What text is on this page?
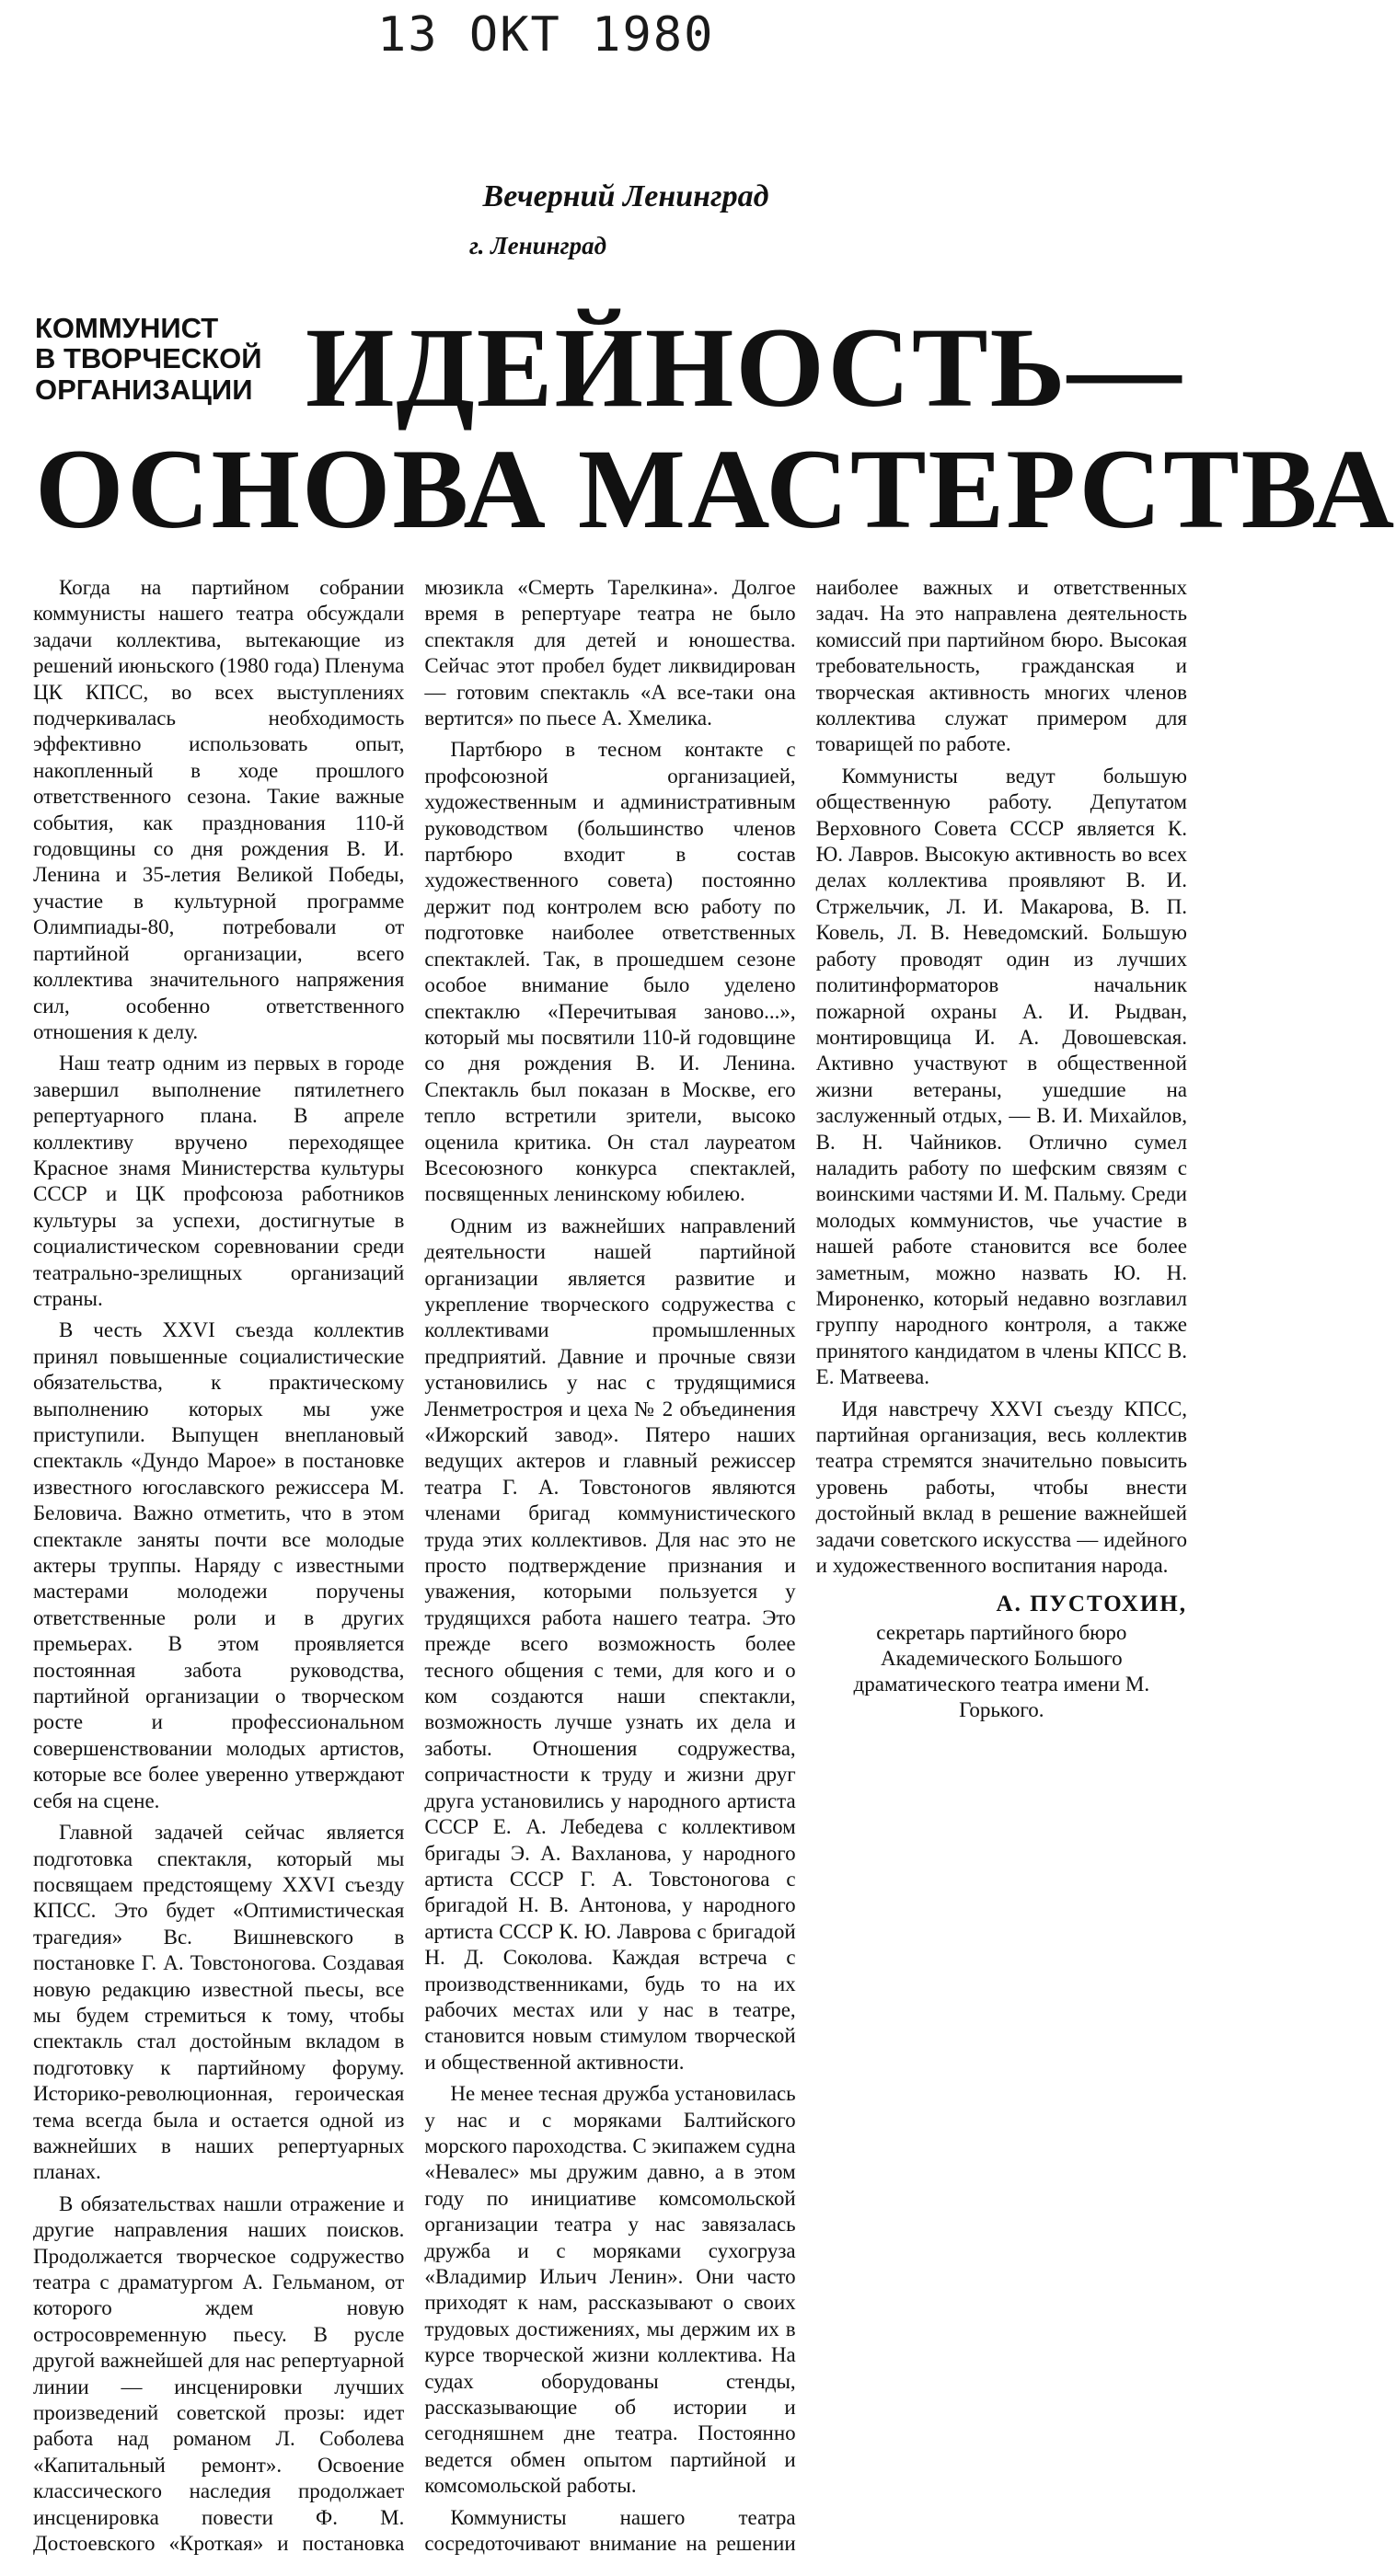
13 ОКТ 1980
Вечерний Ленинград
г. Ленинград
КОММУНИСТ
В ТВОРЧЕСКОЙ
ОРГАНИЗАЦИИ ИДЕЙНОСТЬ—
ОСНОВА МАСТЕРСТВА

Когда на партийном собрании коммунисты нашего театра обсуждали задачи коллектива, вытекающие из решений июньского (1980 года) Пленума ЦК КПСС, во всех выступлениях подчеркивалась необходимость эффективно использовать опыт, накопленный в ходе прошлого ответственного сезона. Такие важные события, как празднования 110-й годовщины со дня рождения В. И. Ленина и 35-летия Великой Победы, участие в культурной программе Олимпиады-80, потребовали от партийной организации, всего коллектива значительного напряжения сил, особенно ответственного отношения к делу.

Наш театр одним из первых в городе завершил выполнение пятилетнего репертуарного плана. В апреле коллективу вручено переходящее Красное знамя Министерства культуры СССР и ЦК профсоюза работников культуры за успехи, достигнутые в социалистическом соревновании среди театрально-зрелищных организаций страны.

В честь XXVI съезда коллектив принял повышенные социалистические обязательства, к практическому выполнению которых мы уже приступили. Выпущен внеплановый спектакль «Дундо Марое» в постановке известного югославского режиссера М. Беловича. Важно отметить, что в этом спектакле заняты почти все молодые актеры труппы. Наряду с известными мастерами молодежи поручены ответственные роли и в других премьерах. В этом проявляется постоянная забота руководства, партийной организации о творческом росте и профессиональном совершенствовании молодых артистов, которые все более уверенно утверждают себя на сцене.

Главной задачей сейчас является подготовка спектакля, который мы посвящаем предстоящему XXVI съезду КПСС. Это будет «Оптимистическая трагедия» Вс. Вишневского в постановке Г. А. Товстоногова. Создавая новую редакцию известной пьесы, все мы будем стремиться к тому, чтобы спектакль стал достойным вкладом в подготовку к партийному форуму. Историко-революционная, героическая тема всегда была и остается одной из важнейших в наших репертуарных планах.

В обязательствах нашли отражение и другие направления наших поисков. Продолжается творческое содружество театра с драматургом А. Гельманом, от которого ждем новую остросовременную пьесу. В русле другой важнейшей для нас репертуарной линии — инсценировки лучших произведений советской прозы: идет работа над романом Л. Соболева «Капитальный ремонт». Освоение классического наследия продолжает инсценировка повести Ф. М. Достоевского «Кроткая» и постановка мюзикла «Смерть Тарелкина». Долгое время в репертуаре театра не было спектакля для детей и юношества. Сейчас этот пробел будет ликвидирован — готовим спектакль «А все-таки она вертится» по пьесе А. Хмелика.

Партбюро в тесном контакте с профсоюзной организацией, художественным и административным руководством (большинство членов партбюро входит в состав художественного совета) постоянно держит под контролем всю работу по подготовке наиболее ответственных спектаклей. Так, в прошедшем сезоне особое внимание было уделено спектаклю «Перечитывая заново...», который мы посвятили 110-й годовщине со дня рождения В. И. Ленина. Спектакль был показан в Москве, его тепло встретили зрители, высоко оценила критика. Он стал лауреатом Всесоюзного конкурса спектаклей, посвященных ленинскому юбилею.

Одним из важнейших направлений деятельности нашей партийной организации является развитие и укрепление творческого содружества с коллективами промышленных предприятий. Давние и прочные связи установились у нас с трудящимися Ленметростроя и цеха № 2 объединения «Ижорский завод». Пятеро наших ведущих актеров и главный режиссер театра Г. А. Товстоногов являются членами бригад коммунистического труда этих коллективов. Для нас это не просто подтверждение признания и уважения, которыми пользуется у трудящихся работа нашего театра. Это прежде всего возможность более тесного общения с теми, для кого и о ком создаются наши спектакли, возможность лучше узнать их дела и заботы. Отношения содружества, сопричастности к труду и жизни друг друга установились у народного артиста СССР Е. А. Лебедева с коллективом бригады Э. А. Вахланова, у народного артиста СССР Г. А. Товстоногова с бригадой Н. В. Антонова, у народного артиста СССР К. Ю. Лаврова с бригадой Н. Д. Соколова. Каждая встреча с производственниками, будь то на их рабочих местах или у нас в театре, становится новым стимулом творческой и общественной активности.

Не менее тесная дружба установилась у нас и с моряками Балтийского морского пароходства. С экипажем судна «Невалес» мы дружим давно, а в этом году по инициативе комсомольской организации театра у нас завязалась дружба и с моряками сухогруза «Владимир Ильич Ленин». Они часто приходят к нам, рассказывают о своих трудовых достижениях, мы держим их в курсе творческой жизни коллектива. На судах оборудованы стенды, рассказывающие об истории и сегодняшнем дне театра. Постоянно ведется обмен опытом партийной и комсомольской работы.

Коммунисты нашего театра сосредоточивают внимание на решении наиболее важных и ответственных задач. На это направлена деятельность комиссий при партийном бюро. Высокая требовательность, гражданская и творческая активность многих членов коллектива служат примером для товарищей по работе.

Коммунисты ведут большую общественную работу. Депутатом Верховного Совета СССР является К. Ю. Лавров. Высокую активность во всех делах коллектива проявляют В. И. Стржельчик, Л. И. Макарова, В. П. Ковель, Л. В. Неведомский. Большую работу проводят один из лучших политинформаторов начальник пожарной охраны А. И. Рыдван, монтировщица И. А. Довошевская. Активно участвуют в общественной жизни ветераны, ушедшие на заслуженный отдых, — В. И. Михайлов, В. Н. Чайников. Отлично сумел наладить работу по шефским связям с воинскими частями И. М. Пальму. Среди молодых коммунистов, чье участие в нашей работе становится все более заметным, можно назвать Ю. Н. Мироненко, который недавно возглавил группу народного контроля, а также принятого кандидатом в члены КПСС В. Е. Матвеева.

Идя навстречу XXVI съезду КПСС, партийная организация, весь коллектив театра стремятся значительно повысить уровень работы, чтобы внести достойный вклад в решение важнейшей задачи советского искусства — идейного и художественного воспитания народа.

А. ПУСТОХИН,
секретарь партийного бюро Академического Большого драматического театра имени М. Горького.
